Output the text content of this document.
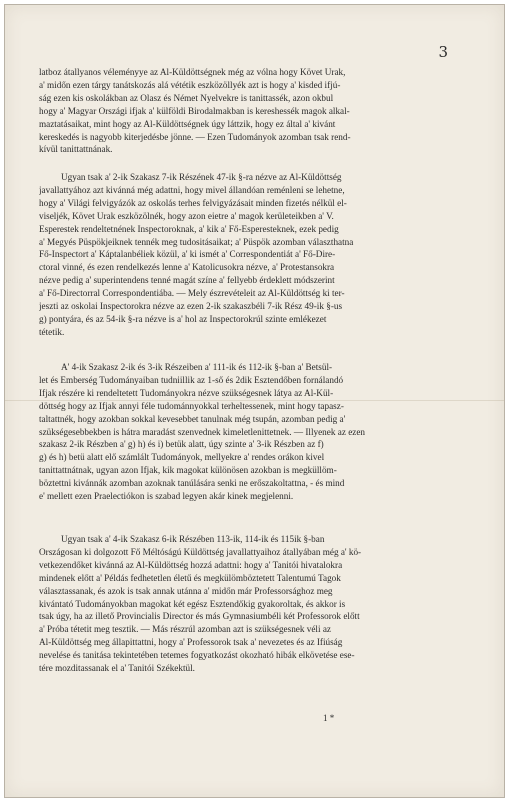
3
latboz átallyanos véleményye az Al-Küldöttségnek még az vólna hogy Követ Urak,
a' midőn ezen tárgy tanátskozás alá vététik eszközöllyék azt is hogy a' kisded ifjú-
ság ezen kis oskolákban az Olasz és Német Nyelvekre is tanittassék, azon okbul
hogy a' Magyar Országi ifjak a' külföldi Birodalmakban is kereshessék magok alkal-
maztatásaikat, mint hogy az Al-Küldöttségnek úgy láttzik, hogy ez által a' kivánt
kereskedés is nagyobb kiterjedésbe jönne. — Ezen Tudományok azomban tsak rend-
kívül tanittattnának.
Ugyan tsak a' 2-ik Szakasz 7-ik Részének 47-ik §-ra nézve az Al-Küldöttség
javallattyához azt kivánná még adattni, hogy mivel állandóan reménleni se lehetne,
hogy a' Világi felvigyázók az oskolás terhes felvigyázásait minden fizetés nélkül el-
viseljék, Követ Urak eszközölnék, hogy azon eietre a' magok kerületeikben a' V.
Esperestek rendeltetnének Inspectoroknak, a' kik a' Fő-Esperesteknek, ezek pedig
a' Megyés Püspökjeiknek tennék meg tudositásaikat; a' Püspök azomban választhatna
Fő-Inspectort a' Káptalanbéliek közül, a' ki ismét a' Correspondentiát a' Fő-Dire-
ctoral vinné, és ezen rendelkezés lenne a' Katolicusokra nézve, a' Protestansokra
nézve pedig a' superintendens tenné magát színe a' fellyebb érdeklett módszerint
a' Fő-Directorral Correspondentiába. — Mely észrevételeit az Al-Küldöttség ki ter-
jeszti az oskolai Inspectorokra nézve az ezen 2-ik szakaszbéli 7-ik Rész 49-ik §-us
g) pontyára, és az 54-ik §-ra nézve is a' hol az Inspectorokrúl szinte emlékezet
tétetik.
A' 4-ik Szakasz 2-ik és 3-ik Részeiben a' 111-ik és 112-ik §-ban a' Betsül-
let és Emberség Tudományaiban tudniillik az 1-ső és 2dik Esztendőben fornálandó
Ifjak részére ki rendeltetett Tudományokra nézve szükségesnek látya az Al-Kül-
döttség hogy az Ifjak annyi féle tudománnyokkal terheltessenek, mint hogy tapasz-
taltattnék, hogy azokban sokkal kevesebbet tanulnak még tsupán, azomban pedig a'
szükségesebbekben is hátra maradást szenvednek kimeletlenittetnek. — Illyenek az ezen
szakasz 2-ik Részben a' g) h) és i) betük alatt, úgy szinte a' 3-ik Részben az f)
g) és h) betü alatt elő számlált Tudományok, mellyekre a' rendes orákon kivel
tanittattnátnak, ugyan azon Ifjak, kik magokat különösen azokban is megküllöm-
böztettni kivánnák azomban azoknak tanúlására senki ne erőszakoltattna, - és mind
e' mellett ezen Praelectiókon is szabad legyen akár kinek megjelenni.
Ugyan tsak a' 4-ik Szakasz 6-ik Részében 113-ik, 114-ik és 115ik §-ban
Országosan ki dolgozott Fő Méltóságú Küldöttség javallattyaihoz átallyában még a' kö-
vetkezendőket kivánná az Al-Küldöttség hozzá adattni: hogy a' Tanitói hivatalokra
mindenek előtt a' Példás fedhetetlen életű és megkülömböztetett Talentumú Tagok
választassanak, és azok is tsak annak utánna a' midőn már Professorsághoz meg
kivántató Tudományokban magokat két egész Esztendőkig gyakoroltak, és akkor is
tsak úgy, ha az illető Provincialis Director és más Gymnasiumbéli két Professorok előtt
a' Próba tétetit meg tesztik. — Más részrúl azomban azt is szükségesnek véli az
Al-Küldöttség meg állapittattni, hogy a' Professorok tsak a' nevezetes és az Ifiúság
nevelése és tanitása tekintetében tetemes fogyatkozást okozható hibák elkövetése ese-
tére mozditassanak el a' Tanitói Székektül.
1 *
